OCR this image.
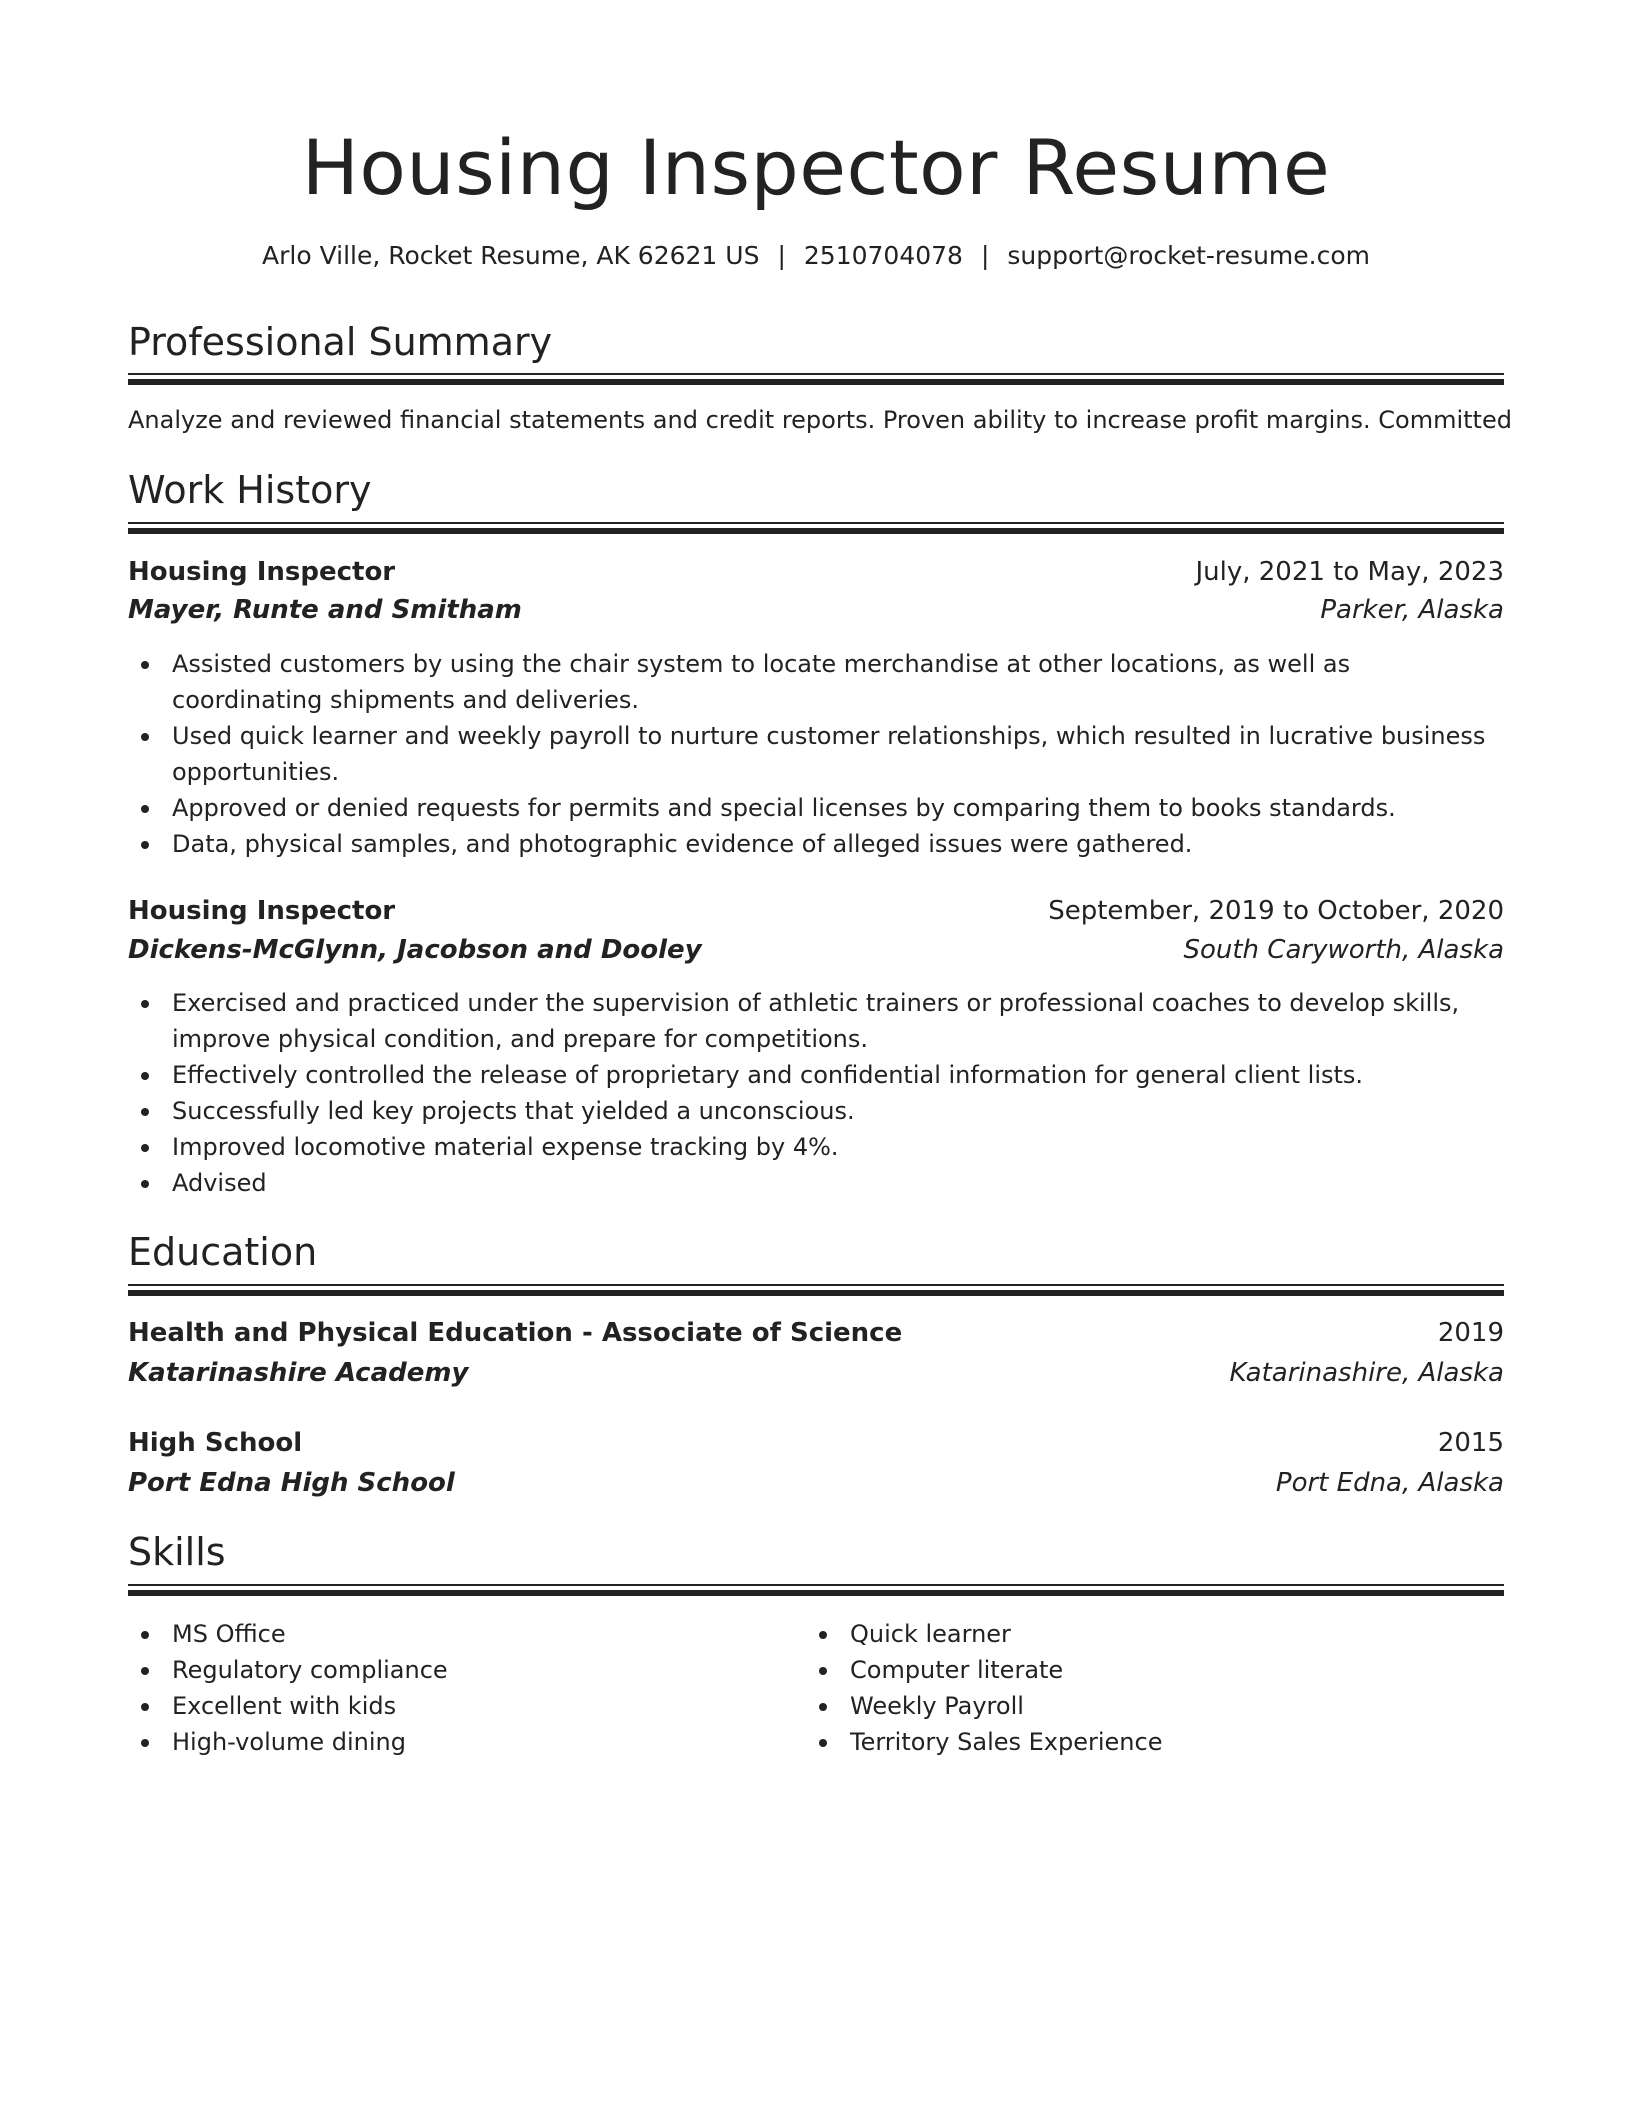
Housing Inspector Resume
Arlo Ville, Rocket Resume, AK 62621 US | 2510704078 | support@rocket-resume.com
Professional Summary
Analyze and reviewed financial statements and credit reports. Proven ability to increase profit margins. Committed
Work History
Housing Inspector	July, 2021 to May, 2023
Mayer, Runte and Smitham	Parker, Alaska
Assisted customers by using the chair system to locate merchandise at other locations, as well as coordinating shipments and deliveries.
Used quick learner and weekly payroll to nurture customer relationships, which resulted in lucrative business opportunities.
Approved or denied requests for permits and special licenses by comparing them to books standards.
Data, physical samples, and photographic evidence of alleged issues were gathered.
Housing Inspector	September, 2019 to October, 2020
Dickens-McGlynn, Jacobson and Dooley	South Caryworth, Alaska
Exercised and practiced under the supervision of athletic trainers or professional coaches to develop skills, improve physical condition, and prepare for competitions.
Effectively controlled the release of proprietary and confidential information for general client lists.
Successfully led key projects that yielded a unconscious.
Improved locomotive material expense tracking by 4%.
Advised
Education
Health and Physical Education - Associate of Science	2019
Katarinashire Academy	Katarinashire, Alaska
High School	2015
Port Edna High School	Port Edna, Alaska
Skills
MS Office
Regulatory compliance
Excellent with kids
High-volume dining
Quick learner
Computer literate
Weekly Payroll
Territory Sales Experience
